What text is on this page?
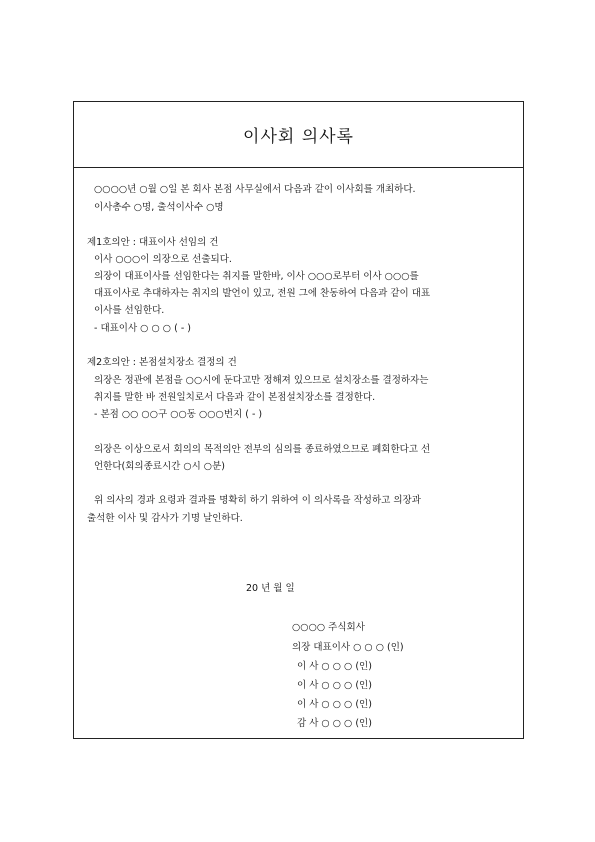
이사회 의사록
○○○○년 ○월 ○일 본 회사 본점 사무실에서 다음과 같이 이사회를 개최하다.
이사총수 ○명, 출석이사수 ○명
제1호의안 : 대표이사 선임의 건
이사 ○○○이 의장으로 선출되다.
의장이 대표이사를 선임한다는 취지를 말한바, 이사 ○○○로부터 이사 ○○○를
대표이사로 추대하자는 취지의 발언이 있고, 전원 그에 찬동하여 다음과 같이 대표
이사를 선임한다.
- 대표이사 ○ ○ ○ ( - )
제2호의안 : 본점설치장소 결정의 건
의장은 정관에 본점을 ○○시에 둔다고만 정해져 있으므로 설치장소를 결정하자는
취지를 말한 바 전원일치로서 다음과 같이 본점설치장소를 결정한다.
- 본점 ○○ ○○구 ○○동 ○○○번지 ( - )
의장은 이상으로서 회의의 목적의안 전부의 심의를 종료하였으므로 폐회한다고 선
언한다(회의종료시간 ○시 ○분)
위 의사의 경과 요령과 결과를 명확히 하기 위하여 이 의사록을 작성하고 의장과
출석한 이사 및 감사가 기명 날인하다.
20 년 월 일
○○○○ 주식회사
의장 대표이사 ○ ○ ○ (인)
이 사 ○ ○ ○ (인)
이 사 ○ ○ ○ (인)
이 사 ○ ○ ○ (인)
감 사 ○ ○ ○ (인)
